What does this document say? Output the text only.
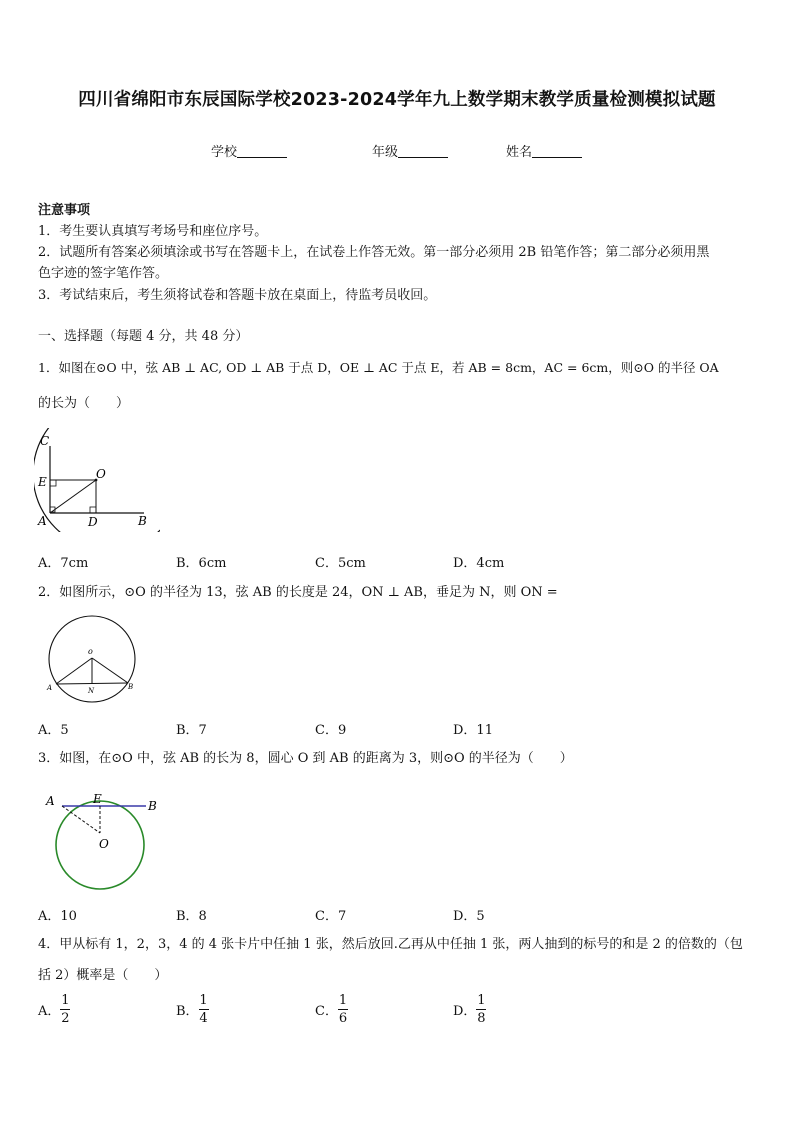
四川省绵阳市东辰国际学校2023-2024学年九上数学期末教学质量检测模拟试题
学校	年级	姓名
注意事项
1．考生要认真填写考场号和座位序号。
2．试题所有答案必须填涂或书写在答题卡上，在试卷上作答无效。第一部分必须用 2B 铅笔作答；第二部分必须用黑
色字迹的签字笔作答。
3．考试结束后，考生须将试卷和答题卡放在桌面上，待监考员收回。
一、选择题（每题 4 分，共 48 分）
1．如图在⊙O 中，弦 AB ⊥ AC, OD ⊥ AB 于点 D，OE ⊥ AC 于点 E，若 AB = 8cm，AC = 6cm，则⊙O 的半径 OA
的长为（　　）
C
E
O
A	D	B
A．7cm	B．6cm	C．5cm	D．4cm
2．如图所示，⊙O 的半径为 13，弦 AB 的长度是 24，ON ⊥ AB，垂足为 N，则 ON =
o
A	N	B
A．5	B．7	C．9	D．11
3．如图，在⊙O 中，弦 AB 的长为 8，圆心 O 到 AB 的距离为 3，则⊙O 的半径为（　　）
A	E	B
O
A．10	B．8	C．7	D．5
4．甲从标有 1，2，3，4 的 4 张卡片中任抽 1 张，然后放回.乙再从中任抽 1 张，两人抽到的标号的和是 2 的倍数的（包
括 2）概率是（　　）
A． $\frac{1}{2}$	B． $\frac{1}{4}$	C． $\frac{1}{6}$	D． $\frac{1}{8}$
